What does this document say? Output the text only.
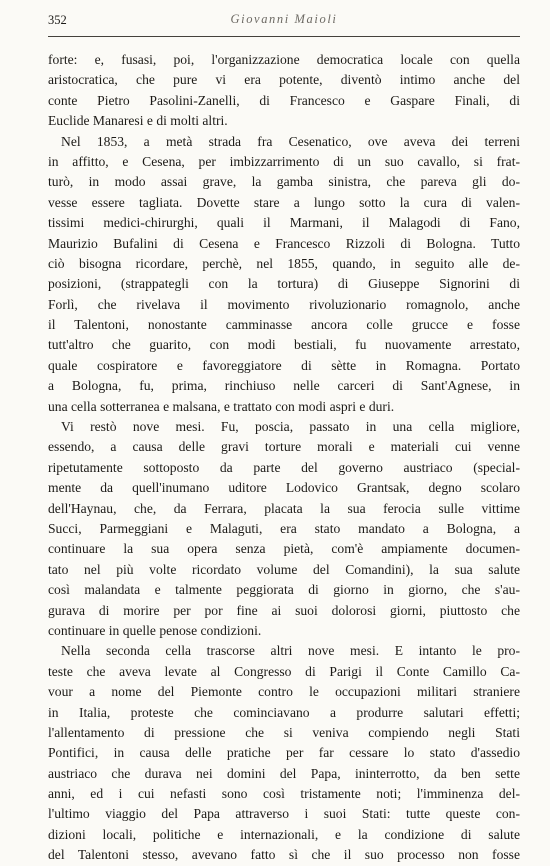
352	Giovanni Maioli
forte: e, fusasi, poi, l'organizzazione democratica locale con quella
aristocratica, che pure vi era potente, diventò intimo anche del
conte Pietro Pasolini-Zanelli, di Francesco e Gaspare Finali, di
Euclide Manaresi e di molti altri.
Nel 1853, a metà strada fra Cesenatico, ove aveva dei terreni
in affitto, e Cesena, per imbizzarrimento di un suo cavallo, si frat-
turò, in modo assai grave, la gamba sinistra, che pareva gli do-
vesse essere tagliata. Dovette stare a lungo sotto la cura di valen-
tissimi medici-chirurghi, quali il Marmani, il Malagodi di Fano,
Maurizio Bufalini di Cesena e Francesco Rizzoli di Bologna. Tutto
ciò bisogna ricordare, perchè, nel 1855, quando, in seguito alle de-
posizioni, (strappategli con la tortura) di Giuseppe Signorini di
Forlì, che rivelava il movimento rivoluzionario romagnolo, anche
il Talentoni, nonostante camminasse ancora colle grucce e fosse
tutt'altro che guarito, con modi bestiali, fu nuovamente arrestato,
quale cospiratore e favoreggiatore di sètte in Romagna. Portato
a Bologna, fu, prima, rinchiuso nelle carceri di Sant'Agnese, in
una cella sotterranea e malsana, e trattato con modi aspri e duri.
Vi restò nove mesi. Fu, poscia, passato in una cella migliore,
essendo, a causa delle gravi torture morali e materiali cui venne
ripetutamente sottoposto da parte del governo austriaco (special-
mente da quell'inumano uditore Lodovico Grantsak, degno scolaro
dell'Haynau, che, da Ferrara, placata la sua ferocia sulle vittime
Succi, Parmeggiani e Malaguti, era stato mandato a Bologna, a
continuare la sua opera senza pietà, com'è ampiamente documen-
tato nel più volte ricordato volume del Comandini), la sua salute
così malandata e talmente peggiorata di giorno in giorno, che s'au-
gurava di morire per por fine ai suoi dolorosi giorni, piuttosto che
continuare in quelle penose condizioni.
Nella seconda cella trascorse altri nove mesi. E intanto le pro-
teste che aveva levate al Congresso di Parigi il Conte Camillo Ca-
vour a nome del Piemonte contro le occupazioni militari straniere
in Italia, proteste che cominciavano a produrre salutari effetti;
l'allentamento di pressione che si veniva compiendo negli Stati
Pontifici, in causa delle pratiche per far cessare lo stato d'assedio
austriaco che durava nei domini del Papa, ininterrotto, da ben sette
anni, ed i cui nefasti sono così tristamente noti; l'imminenza del-
l'ultimo viaggio del Papa attraverso i suoi Stati: tutte queste con-
dizioni locali, politiche e internazionali, e la condizione di salute
del Talentoni stesso, avevano fatto sì che il suo processo non fosse
